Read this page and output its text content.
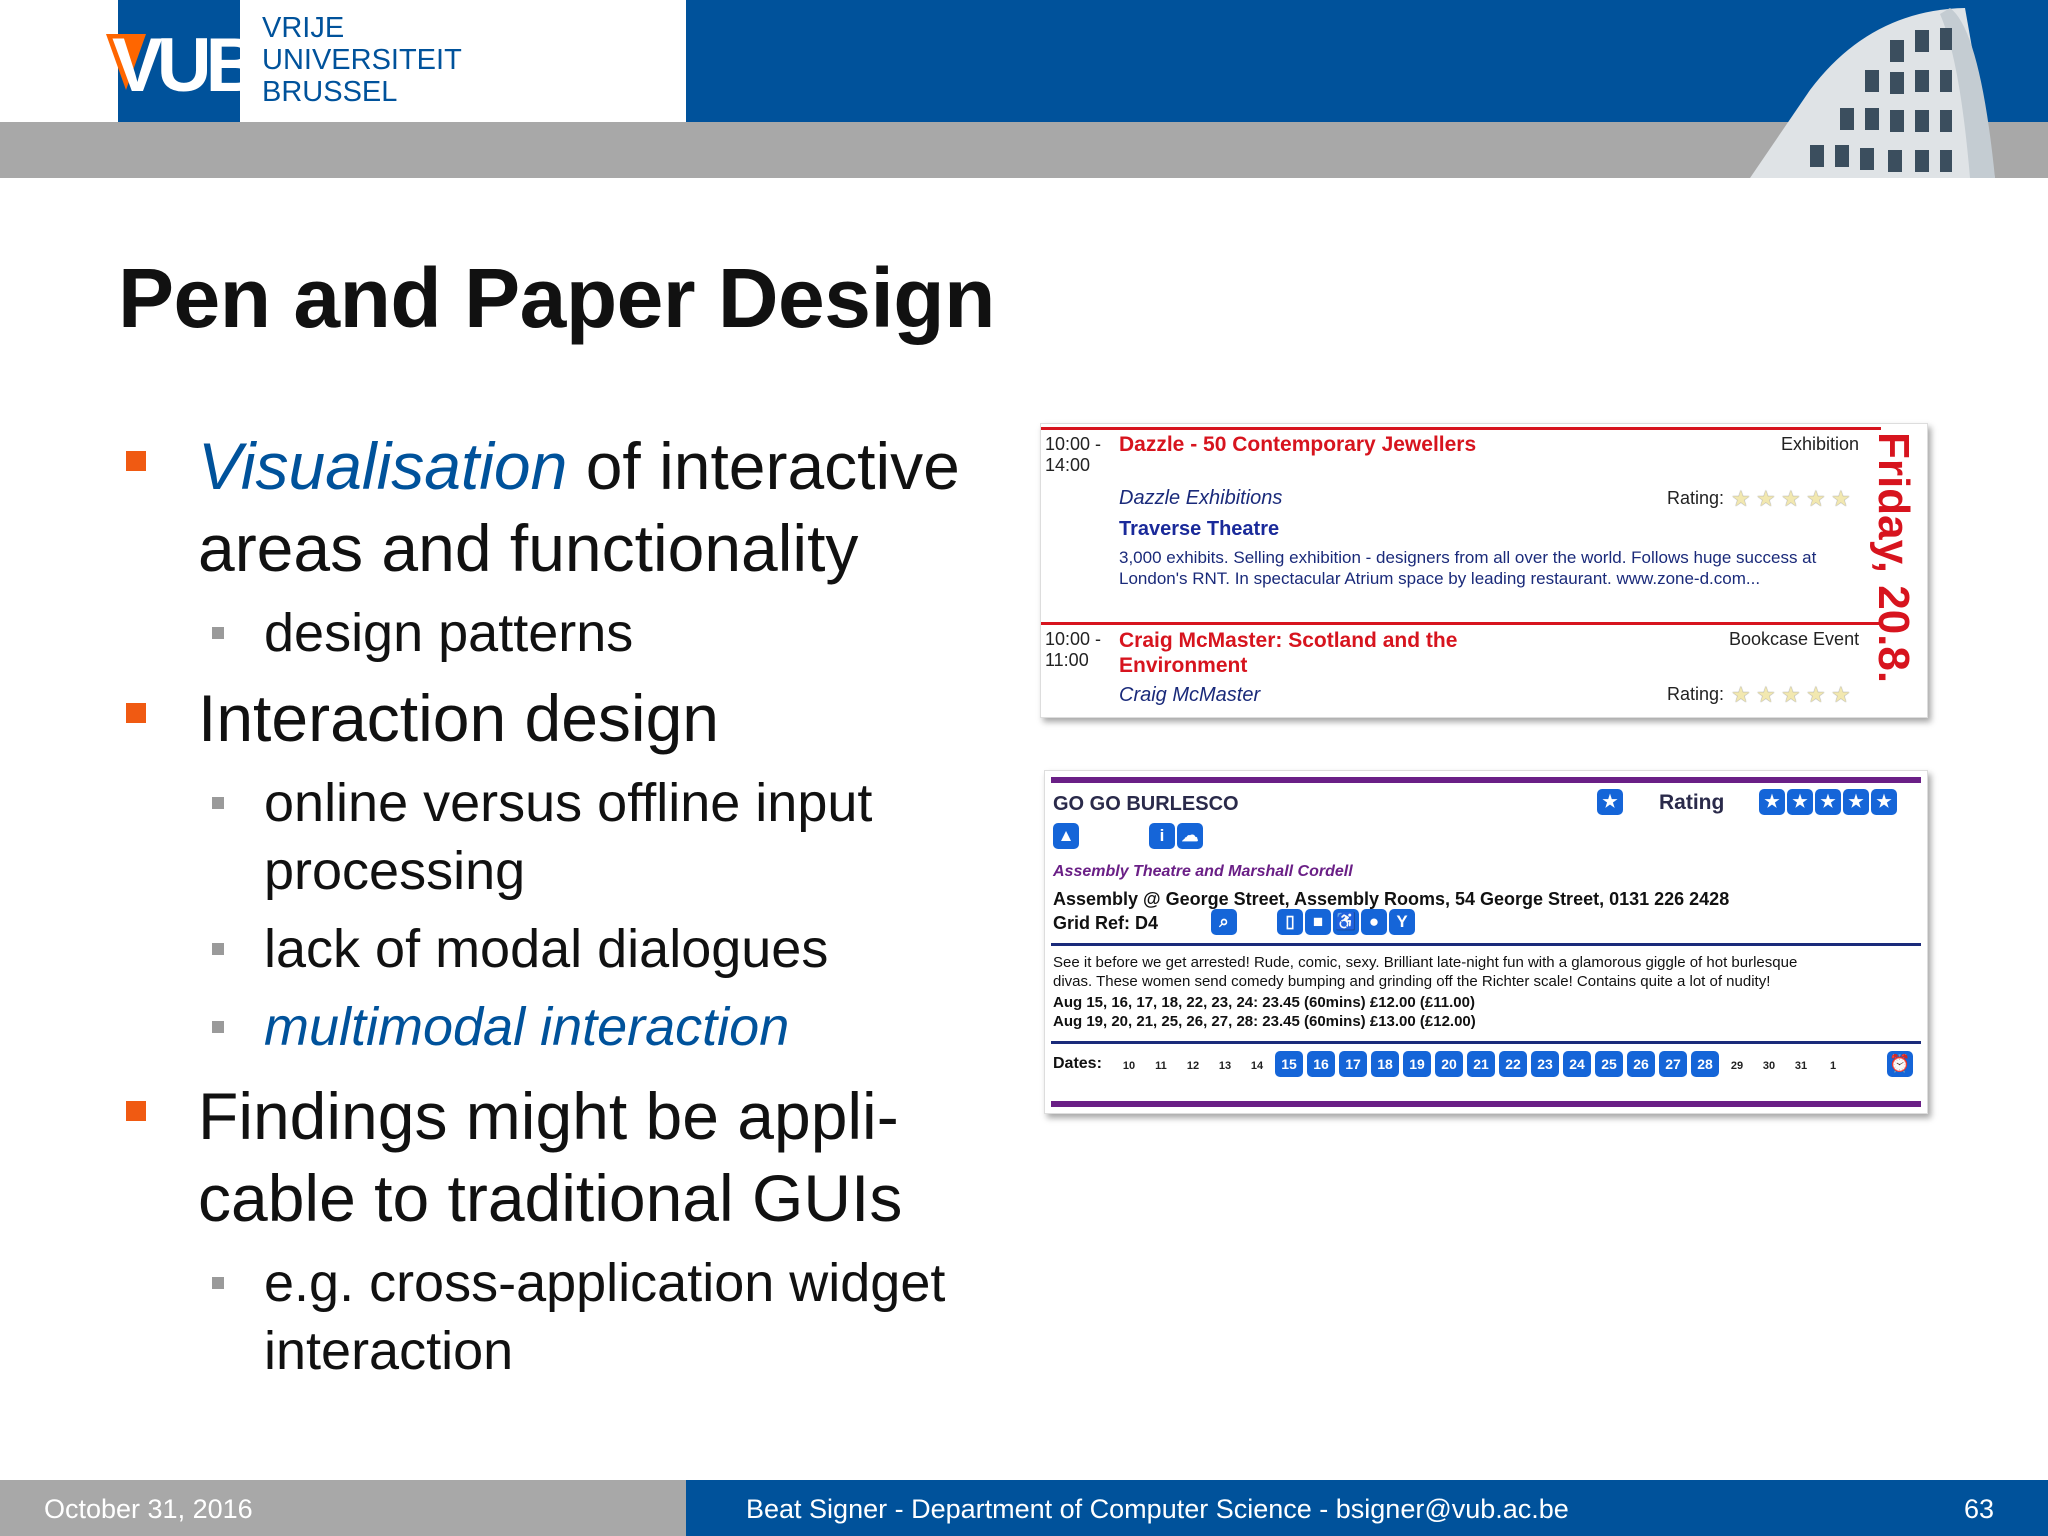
VUB VRIJE
UNIVERSITEIT
BRUSSEL
Pen and Paper Design
Visualisation of interactive
areas and functionality
design patterns
Interaction design
online versus offline input
processing
lack of modal dialogues
multimodal interaction
Findings might be appli-
cable to traditional GUIs
e.g. cross-application widget
interaction
10:00 -
14:00
Dazzle - 50 Contemporary Jewellers	Exhibition
Dazzle Exhibitions	Rating: ★ ★ ★ ★ ★
Traverse Theatre
3,000 exhibits. Selling exhibition - designers from all over the world. Follows huge success at
London's RNT. In spectacular Atrium space by leading restaurant. www.zone-d.com...
10:00 -
11:00
Craig McMaster: Scotland and the
Environment
Bookcase Event
Craig McMaster	Rating: ★ ★ ★ ★ ★
Friday, 20.8.
GO GO BURLESCO	★	Rating	★ ★ ★ ★ ★
▲	i ☁
Assembly Theatre and Marshall Cordell
Assembly @ George Street, Assembly Rooms, 54 George Street, 0131 226 2428
Grid Ref: D4	⌕	▯ ■ ♿ ● Y
See it before we get arrested! Rude, comic, sexy. Brilliant late-night fun with a glamorous giggle of hot burlesque
divas. These women send comedy bumping and grinding off the Richter scale! Contains quite a lot of nudity!
Aug 15, 16, 17, 18, 22, 23, 24: 23.45 (60mins) £12.00 (£11.00)
Aug 19, 20, 21, 25, 26, 27, 28: 23.45 (60mins) £13.00 (£12.00)
Dates:	10 11 12 13 14 15 16 17 18 19 20 21 22 23 24 25 26 27 28 29 30 31 1	⏰
October 31, 2016	Beat Signer - Department of Computer Science - bsigner@vub.ac.be	63
